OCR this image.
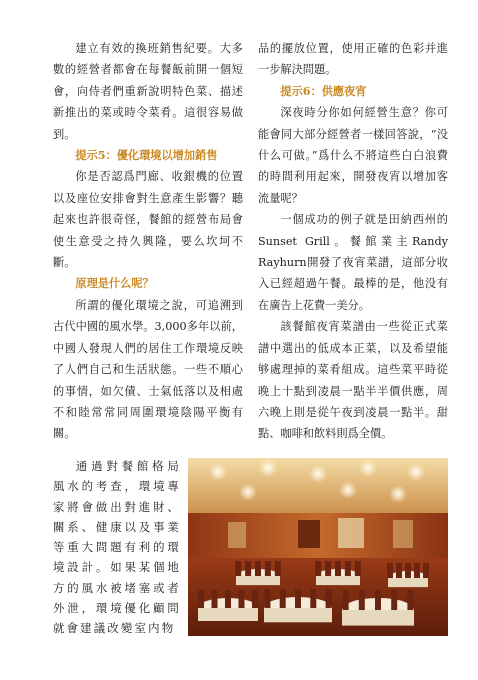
建立有效的換班銷售紀要。大多數的經營者都會在每餐飯前開一個短會，向侍者們重新說明特色菜、描述新推出的菜或時令菜肴。這很容易做到。

提示5：優化環境以增加銷售

你是否認爲門廊、收銀機的位置以及座位安排會對生意產生影響？聽起來也許很奇怪，餐館的經營布局會使生意受之持久興隆，要么坎坷不斷。

原理是什么呢？

所謂的優化環境之說，可追溯到古代中國的風水學。3,000多年以前，中國人發現人們的居住工作環境反映了人們自己和生活狀態。一些不順心的事情，如欠債、士氣低落以及相處不和睦常常同周圍環境陰陽平衡有關。

品的擺放位置，使用正確的色彩并進一步解決問題。

提示6：供應夜宵

深夜時分你如何經營生意？你可能會同大部分經營者一樣回答說，“没什么可做。”爲什么不將這些白白浪費的時間利用起來，開發夜宵以增加客流量呢？

一個成功的例子就是田納西州的Sunset Grill。餐館業主Randy Rayhurn開發了夜宵菜譜，這部分收入已經超過午餐。最棒的是，他没有在廣告上花費一美分。

該餐館夜宵菜譜由一些從正式菜譜中選出的低成本正菜，以及希望能够處理掉的菜肴組成。這些菜平時從晚上十點到凌晨一點半半價供應，周六晚上則是從午夜到凌晨一點半。甜點、咖啡和飲料則爲全價。

通過對餐館格局風水的考查，環境專家將會做出對進財、關系、健康以及事業等重大問題有利的環境設計。如果某個地方的風水被堵塞或者外泄，環境優化顧問就會建議改變室内物
